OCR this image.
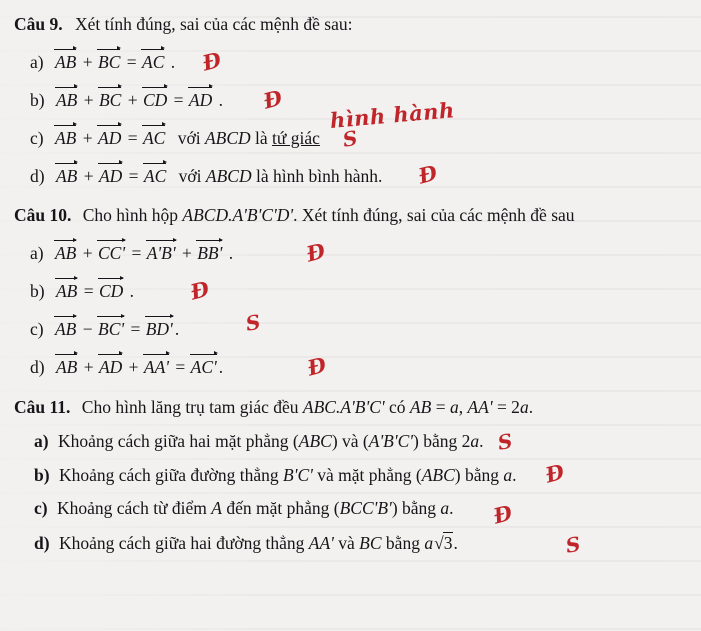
Câu 9. Xét tính đúng, sai của các mệnh đề sau:
a) AB + BC = AC . Đ
b) AB + BC + CD = AD . Đ
c) AB + AD = AC với ABCD là tứ giác S
d) AB + AD = AC với ABCD là hình bình hành. Đ
hình hành
Câu 10. Cho hình hộp ABCD.A'B'C'D'. Xét tính đúng, sai của các mệnh đề sau
a) AB + CC' = A'B' + BB' .	Đ
b) AB = CD .	Đ
c) AB − BC' = BD' .	S
d) AB + AD + AA' = AC' .	Đ
Câu 11. Cho hình lăng trụ tam giác đều ABC.A'B'C' có AB = a, AA' = 2a.
a) Khoảng cách giữa hai mặt phẳng (ABC) và (A'B'C') bằng 2a. S
b) Khoảng cách giữa đường thẳng B'C' và mặt phẳng (ABC) bằng a. Đ
c) Khoảng cách từ điểm A đến mặt phẳng (BCC'B') bằng a. Đ
d) Khoảng cách giữa hai đường thẳng AA' và BC bằng a√3.	S
